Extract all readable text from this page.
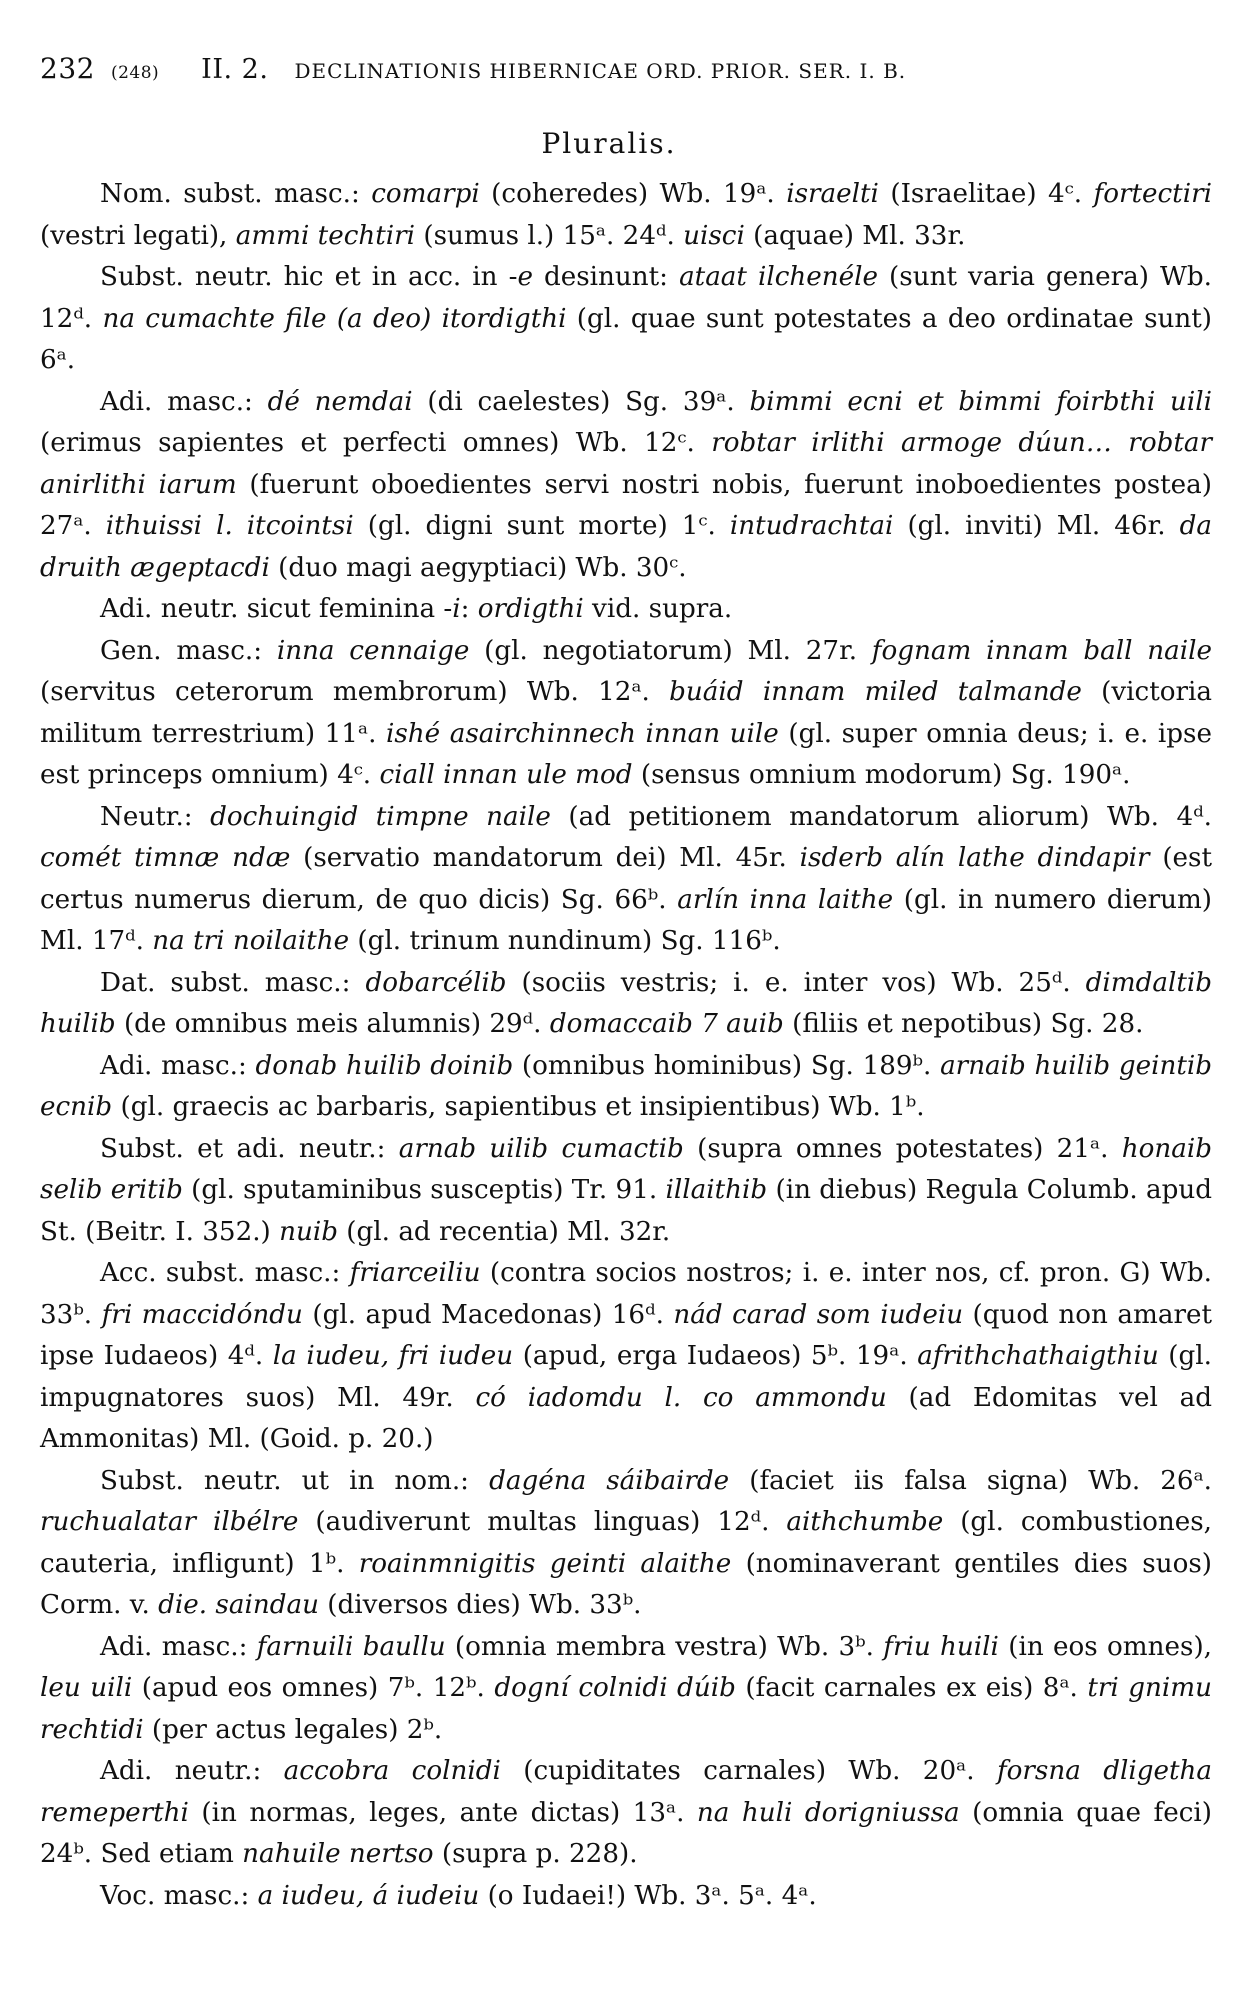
232 (248) II. 2. DECLINATIONIS HIBERNICAE ORD. PRIOR. SER. I. B.
Pluralis.

Nom. subst. masc.: comarpi (coheredes) Wb. 19ᵃ. israelti (Israelitae) 4ᶜ. fortectiri (vestri legati), ammi techtiri (sumus l.) 15ᵃ. 24ᵈ. uisci (aquae) Ml. 33r.

Subst. neutr. hic et in acc. in -e desinunt: ataat ilchenéle (sunt varia genera) Wb. 12ᵈ. na cumachte file (a deo) itordigthi (gl. quae sunt potestates a deo ordinatae sunt) 6ᵃ.

Adi. masc.: dé nemdai (di caelestes) Sg. 39ᵃ. bimmi ecni et bimmi foirbthi uili (erimus sapientes et perfecti omnes) Wb. 12ᶜ. robtar irlithi armoge dúun… robtar anirlithi iarum (fuerunt oboedientes servi nostri nobis, fuerunt inoboedientes postea) 27ᵃ. ithuissi l. itcointsi (gl. digni sunt morte) 1ᶜ. intudrachtai (gl. inviti) Ml. 46r. da druith ægeptacdi (duo magi aegyptiaci) Wb. 30ᶜ.

Adi. neutr. sicut feminina -i: ordigthi vid. supra.

Gen. masc.: inna cennaige (gl. negotiatorum) Ml. 27r. fognam innam ball naile (servitus ceterorum membrorum) Wb. 12ᵃ. buáid innam miled talmande (victoria militum terrestrium) 11ᵃ. ishé asairchinnech innan uile (gl. super omnia deus; i. e. ipse est princeps omnium) 4ᶜ. ciall innan ule mod (sensus omnium modorum) Sg. 190ᵃ.

Neutr.: dochuingid timpne naile (ad petitionem mandatorum aliorum) Wb. 4ᵈ. comét timnæ ndæ (servatio mandatorum dei) Ml. 45r. isderb alín lathe dindapir (est certus numerus dierum, de quo dicis) Sg. 66ᵇ. arlín inna laithe (gl. in numero dierum) Ml. 17ᵈ. na tri noilaithe (gl. trinum nundinum) Sg. 116ᵇ.

Dat. subst. masc.: dobarcélib (sociis vestris; i. e. inter vos) Wb. 25ᵈ. dimdaltib huilib (de omnibus meis alumnis) 29ᵈ. domaccaib 7 auib (filiis et nepotibus) Sg. 28.

Adi. masc.: donab huilib doinib (omnibus hominibus) Sg. 189ᵇ. arnaib huilib geintib ecnib (gl. graecis ac barbaris, sapientibus et insipientibus) Wb. 1ᵇ.

Subst. et adi. neutr.: arnab uilib cumactib (supra omnes potestates) 21ᵃ. honaib selib eritib (gl. sputaminibus susceptis) Tr. 91. illaithib (in diebus) Regula Columb. apud St. (Beitr. I. 352.) nuib (gl. ad recentia) Ml. 32r.

Acc. subst. masc.: friarceiliu (contra socios nostros; i. e. inter nos, cf. pron. G) Wb. 33ᵇ. fri maccidóndu (gl. apud Macedonas) 16ᵈ. nád carad som iudeiu (quod non amaret ipse Iudaeos) 4ᵈ. la iudeu, fri iudeu (apud, erga Iudaeos) 5ᵇ. 19ᵃ. afrithchathaigthiu (gl. impugnatores suos) Ml. 49r. có iadomdu l. co ammondu (ad Edomitas vel ad Ammonitas) Ml. (Goid. p. 20.)

Subst. neutr. ut in nom.: dagéna sáibairde (faciet iis falsa signa) Wb. 26ᵃ. ruchualatar ilbélre (audiverunt multas linguas) 12ᵈ. aithchumbe (gl. combustiones, cauteria, infligunt) 1ᵇ. roainmnigitis geinti alaithe (nominaverant gentiles dies suos) Corm. v. die. saindau (diversos dies) Wb. 33ᵇ.

Adi. masc.: farnuili baullu (omnia membra vestra) Wb. 3ᵇ. friu huili (in eos omnes), leu uili (apud eos omnes) 7ᵇ. 12ᵇ. dogní colnidi dúib (facit carnales ex eis) 8ᵃ. tri gnimu rechtidi (per actus legales) 2ᵇ.

Adi. neutr.: accobra colnidi (cupiditates carnales) Wb. 20ᵃ. forsna dligetha remeperthi (in normas, leges, ante dictas) 13ᵃ. na huli dorigniussa (omnia quae feci) 24ᵇ. Sed etiam nahuile nertso (supra p. 228).

Voc. masc.: a iudeu, á iudeiu (o Iudaei!) Wb. 3ᵃ. 5ᵃ. 4ᵃ.
